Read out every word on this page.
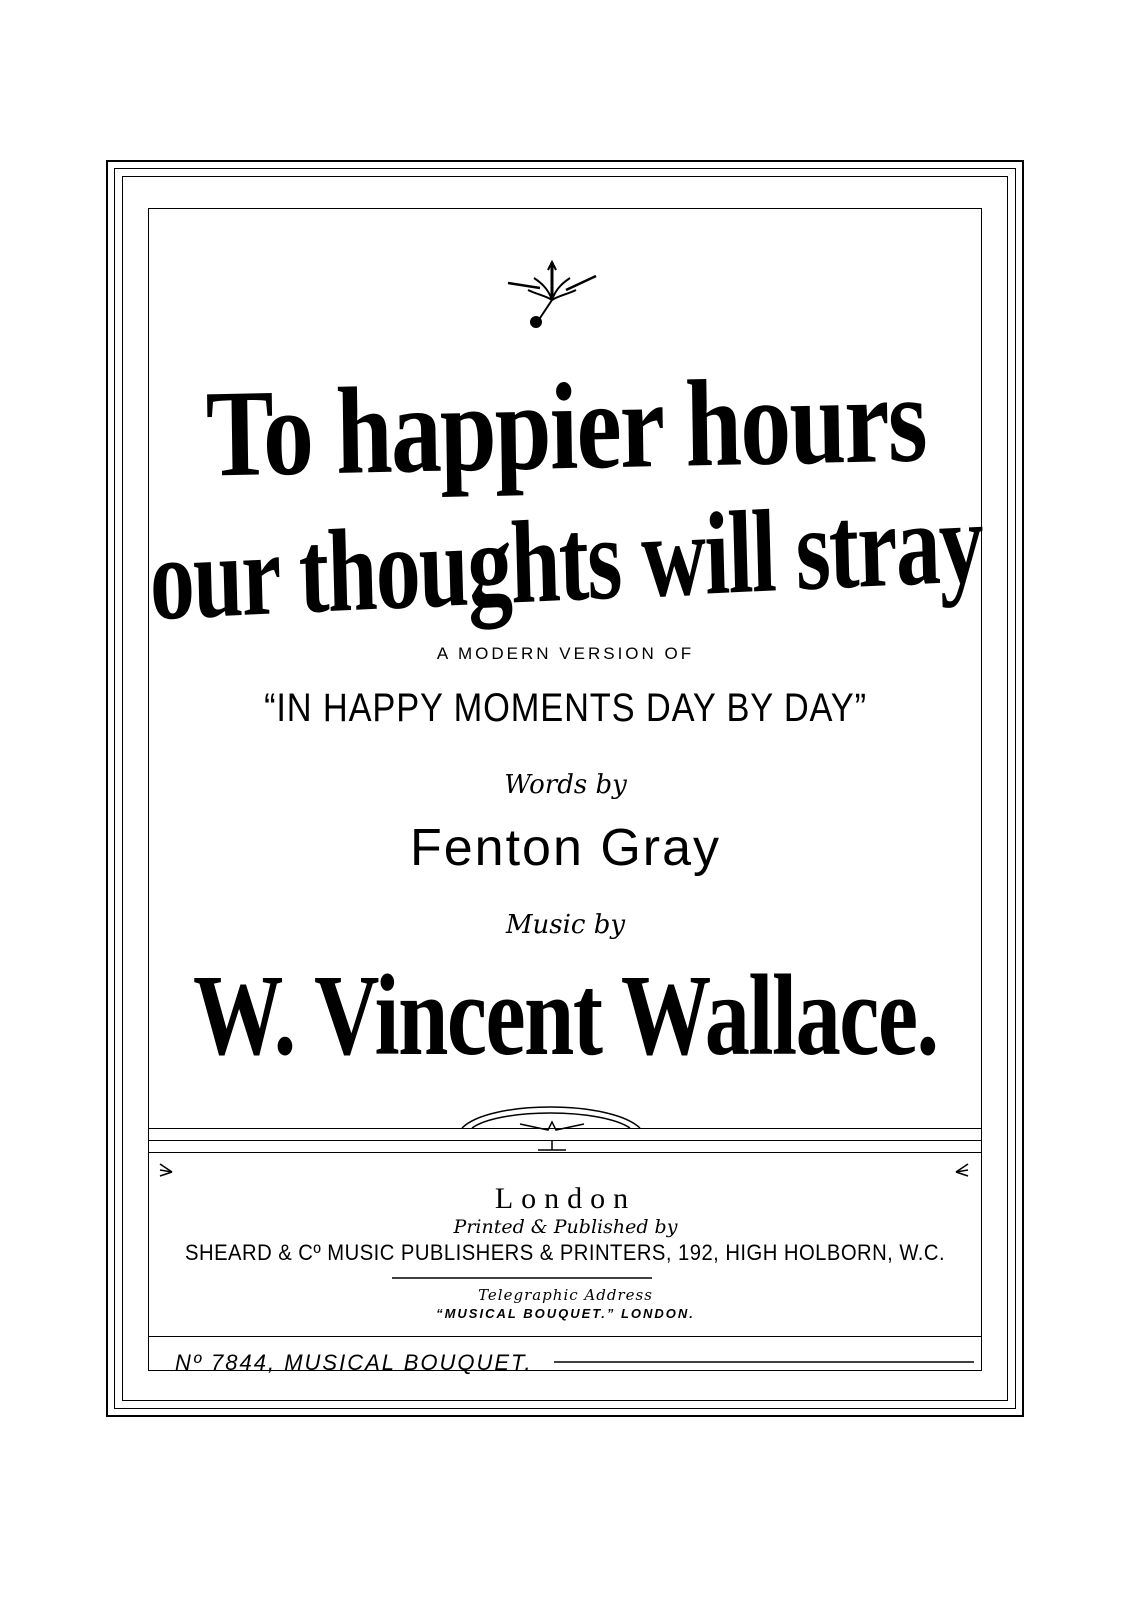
To happier hours
our thoughts will stray
A MODERN VERSION OF
“IN HAPPY MOMENTS DAY BY DAY”
Words by
Fenton Gray
Music by
W. Vincent Wallace.
London
Printed & Published by
SHEARD & Cº MUSIC PUBLISHERS & PRINTERS, 192, HIGH HOLBORN, W.C.
Telegraphic Address
“MUSICAL BOUQUET.” LONDON.
Nº 7844, MUSICAL BOUQUET.
